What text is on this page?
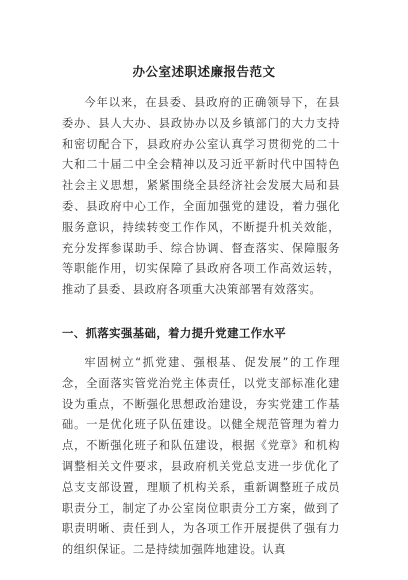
办公室述职述廉报告范文

今年以来，在县委、县政府的正确领导下，在县委办、县人大办、县政协办以及乡镇部门的大力支持和密切配合下，县政府办公室认真学习贯彻党的二十大和二十届二中全会精神以及习近平新时代中国特色社会主义思想，紧紧围绕全县经济社会发展大局和县委、县政府中心工作，全面加强党的建设，着力强化服务意识，持续转变工作作风，不断提升机关效能，充分发挥参谋助手、综合协调、督查落实、保障服务等职能作用，切实保障了县政府各项工作高效运转，推动了县委、县政府各项重大决策部署有效落实。

一、抓落实强基础，着力提升党建工作水平

牢固树立“抓党建、强根基、促发展”的工作理念，全面落实管党治党主体责任，以党支部标准化建设为重点，不断强化思想政治建设，夯实党建工作基础。一是优化班子队伍建设。以健全规范管理为着力点，不断强化班子和队伍建设，根据《党章》和机构调整相关文件要求，县政府机关党总支进一步优化了总支支部设置，理顺了机构关系，重新调整班子成员职责分工，制定了办公室岗位职责分工方案，做到了职责明晰、责任到人，为各项工作开展提供了强有力的组织保证。二是持续加强阵地建设。认真
